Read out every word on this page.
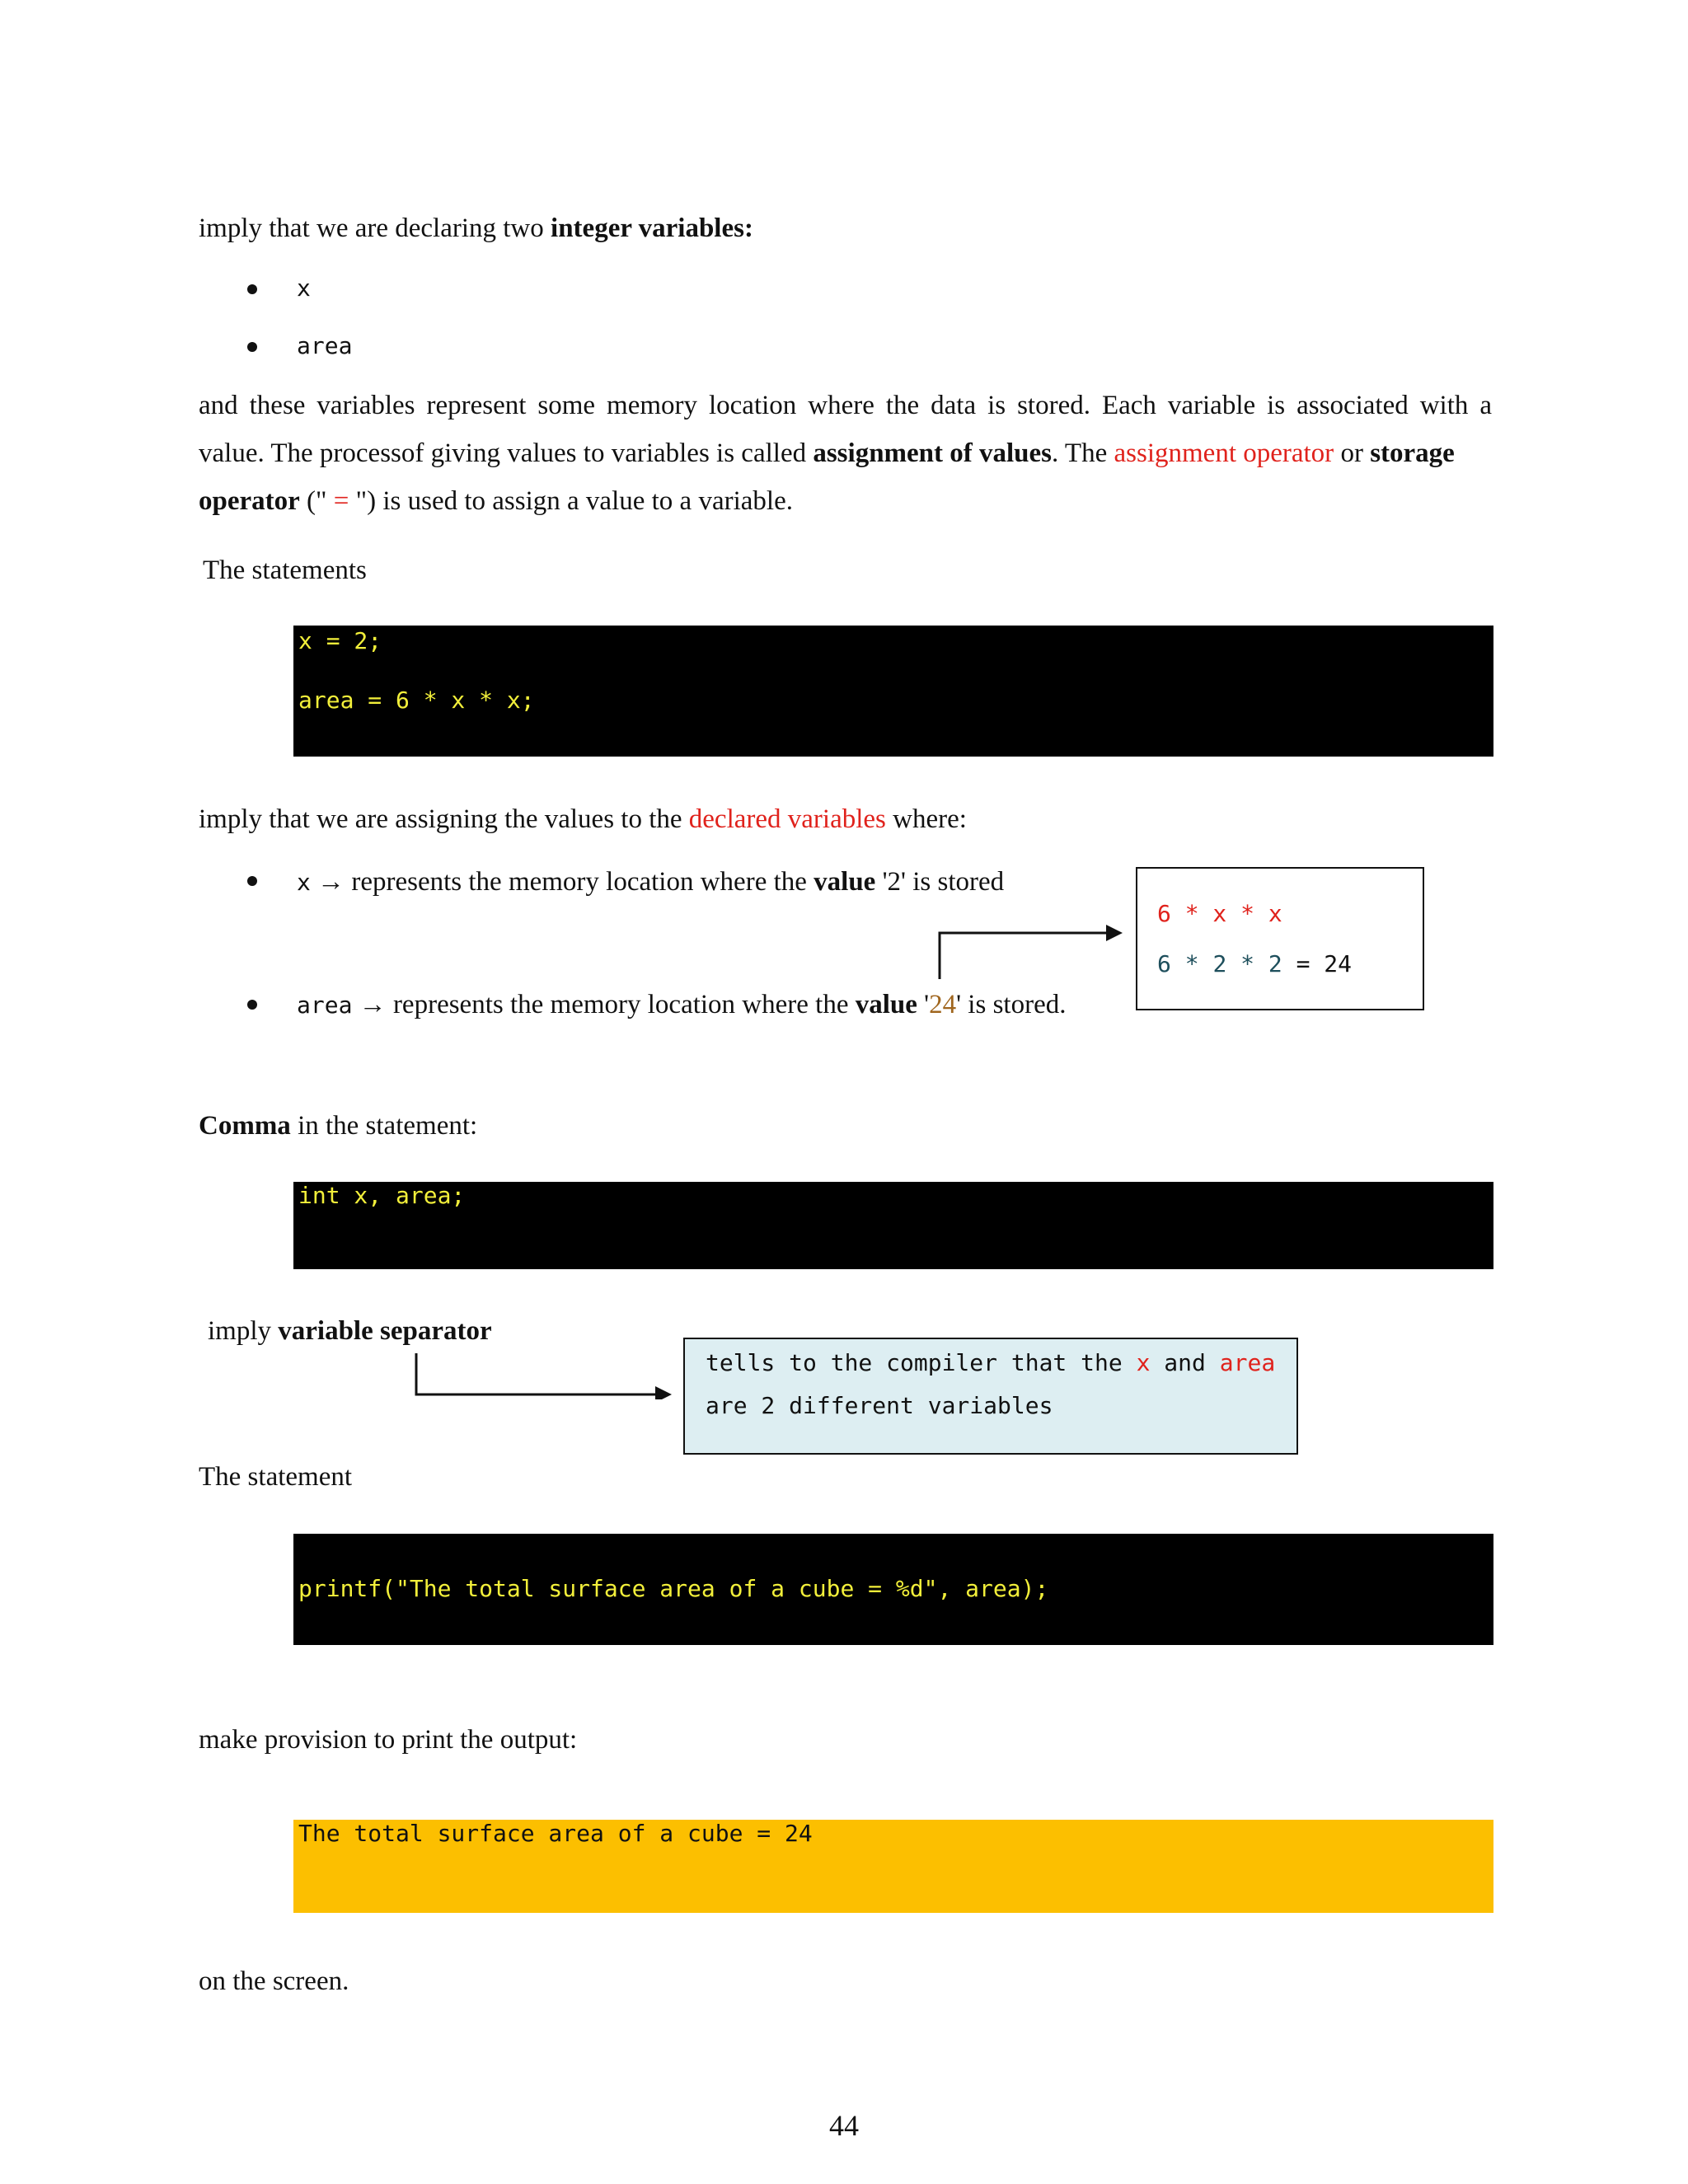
imply that we are declaring two integer variables:
x
area
and these variables represent some memory location where the data is stored. Each variable is associated with a
value. The processof giving values to variables is called assignment of values. The assignment operator or storage
operator (" = ") is used to assign a value to a variable.
The statements
x = 2;
area = 6 * x * x;
imply that we are assigning the values to the declared variables where:
x → represents the memory location where the value '2' is stored
area → represents the memory location where the value '24' is stored.
6 * x * x
6 * 2 * 2 = 24
Comma in the statement:
int x, area;
imply variable separator
tells to the compiler that the x and area
are 2 different variables
The statement
printf("The total surface area of a cube = %d", area);
make provision to print the output:
The total surface area of a cube = 24
on the screen.
44
